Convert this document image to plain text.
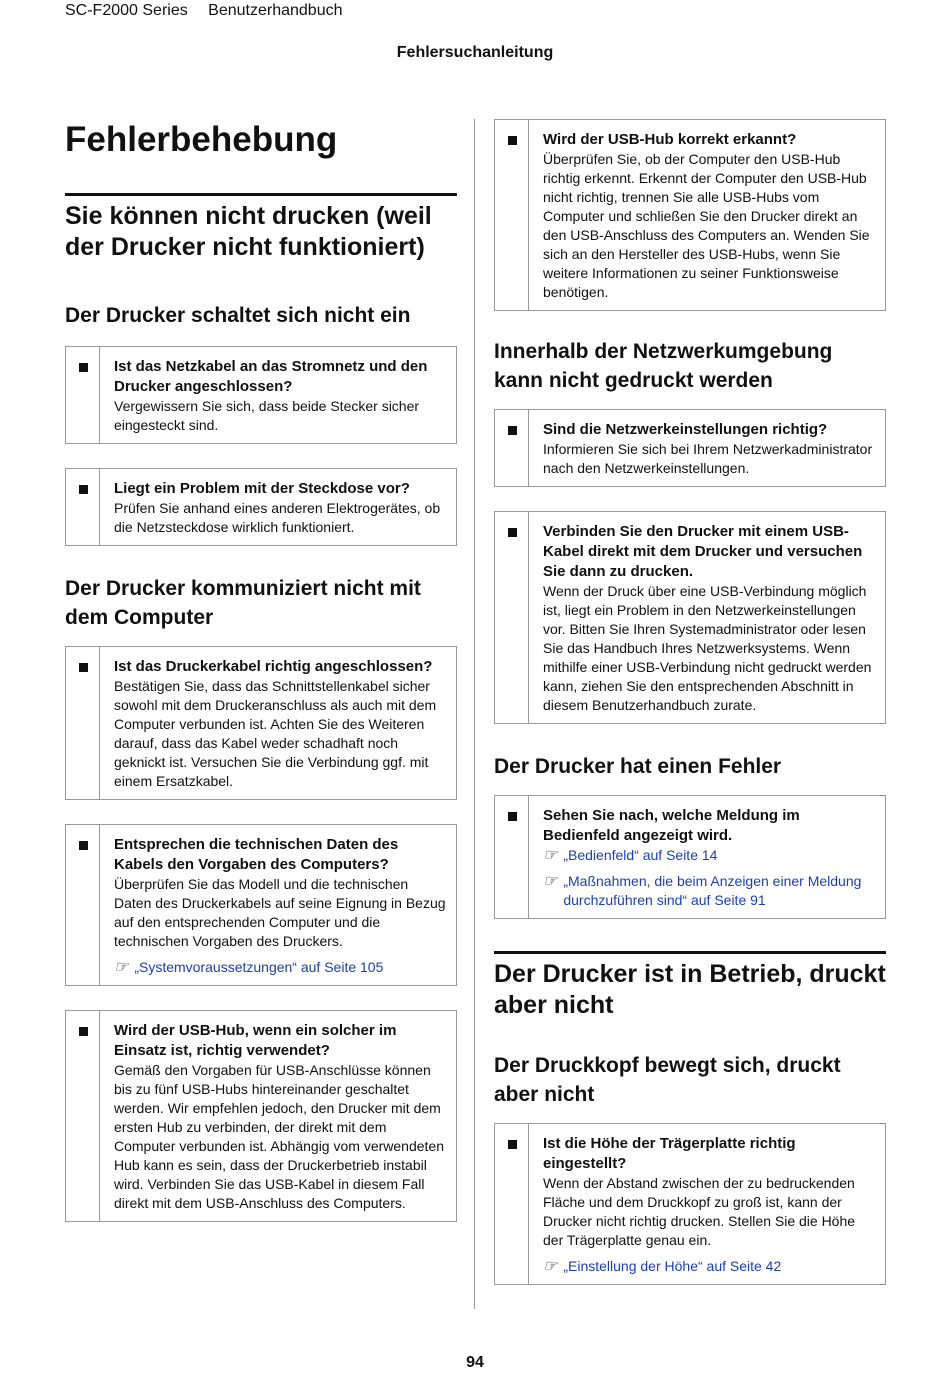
SC-F2000 Series Benutzerhandbuch
Fehlersuchanleitung
Fehlerbehebung
Sie können nicht drucken (weil der Drucker nicht funktioniert)
Der Drucker schaltet sich nicht ein
Ist das Netzkabel an das Stromnetz und den Drucker angeschlossen?
Vergewissern Sie sich, dass beide Stecker sicher eingesteckt sind.
Liegt ein Problem mit der Steckdose vor?
Prüfen Sie anhand eines anderen Elektrogerätes, ob die Netzsteckdose wirklich funktioniert.
Der Drucker kommuniziert nicht mit dem Computer
Ist das Druckerkabel richtig angeschlossen?
Bestätigen Sie, dass das Schnittstellenkabel sicher sowohl mit dem Druckeranschluss als auch mit dem Computer verbunden ist. Achten Sie des Weiteren darauf, dass das Kabel weder schadhaft noch geknickt ist. Versuchen Sie die Verbindung ggf. mit einem Ersatzkabel.
Entsprechen die technischen Daten des Kabels den Vorgaben des Computers?
Überprüfen Sie das Modell und die technischen Daten des Druckerkabels auf seine Eignung in Bezug auf den entsprechenden Computer und die technischen Vorgaben des Druckers.
☞ „Systemvoraussetzungen“ auf Seite 105
Wird der USB-Hub, wenn ein solcher im Einsatz ist, richtig verwendet?
Gemäß den Vorgaben für USB-Anschlüsse können bis zu fünf USB-Hubs hintereinander geschaltet werden. Wir empfehlen jedoch, den Drucker mit dem ersten Hub zu verbinden, der direkt mit dem Computer verbunden ist. Abhängig vom verwendeten Hub kann es sein, dass der Druckerbetrieb instabil wird. Verbinden Sie das USB-Kabel in diesem Fall direkt mit dem USB-Anschluss des Computers.
Wird der USB-Hub korrekt erkannt?
Überprüfen Sie, ob der Computer den USB-Hub richtig erkennt. Erkennt der Computer den USB-Hub nicht richtig, trennen Sie alle USB-Hubs vom Computer und schließen Sie den Drucker direkt an den USB-Anschluss des Computers an. Wenden Sie sich an den Hersteller des USB-Hubs, wenn Sie weitere Informationen zu seiner Funktionsweise benötigen.
Innerhalb der Netzwerkumgebung kann nicht gedruckt werden
Sind die Netzwerkeinstellungen richtig?
Informieren Sie sich bei Ihrem Netzwerkadministrator nach den Netzwerkeinstellungen.
Verbinden Sie den Drucker mit einem USB-Kabel direkt mit dem Drucker und versuchen Sie dann zu drucken.
Wenn der Druck über eine USB-Verbindung möglich ist, liegt ein Problem in den Netzwerkeinstellungen vor. Bitten Sie Ihren Systemadministrator oder lesen Sie das Handbuch Ihres Netzwerksystems. Wenn mithilfe einer USB-Verbindung nicht gedruckt werden kann, ziehen Sie den entsprechenden Abschnitt in diesem Benutzerhandbuch zurate.
Der Drucker hat einen Fehler
Sehen Sie nach, welche Meldung im Bedienfeld angezeigt wird.
☞ „Bedienfeld“ auf Seite 14
☞ „Maßnahmen, die beim Anzeigen einer Meldung durchzuführen sind“ auf Seite 91
Der Drucker ist in Betrieb, druckt aber nicht
Der Druckkopf bewegt sich, druckt aber nicht
Ist die Höhe der Trägerplatte richtig eingestellt?
Wenn der Abstand zwischen der zu bedruckenden Fläche und dem Druckkopf zu groß ist, kann der Drucker nicht richtig drucken. Stellen Sie die Höhe der Trägerplatte genau ein.
☞ „Einstellung der Höhe“ auf Seite 42
94
